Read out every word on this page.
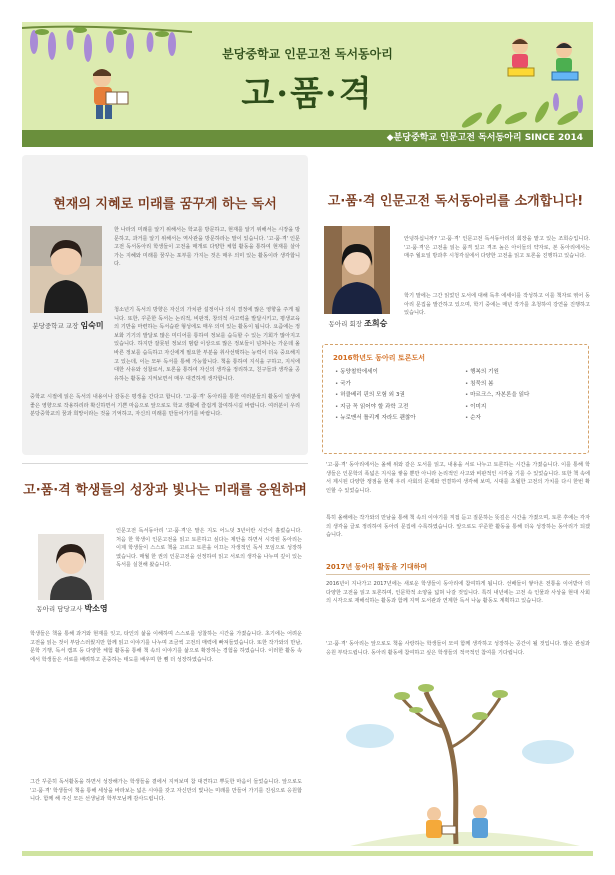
분당중학교 인문고전 독서동아리
고·품·격
◆분당중학교 인문고전 독서동아리 SINCE 2014
현재의 지혜로 미래를 꿈꾸게 하는 독서
분당중학교 교장 임숙미
한 나라의 미래를 알기 위해서는 학교를 방문하고, 현재를 알기 위해서는 시장을 방문하고, 과거를 알기 위해서는 역사관을 방문하라는 말이 있습니다. '고·품·격' 인문고전 독서동아리 학생들이 고전을 매개로 다양한 체험 활동을 통하여 현재를 살아가는 지혜와 미래를 꿈꾸는 포부를 가지는 것은 매우 의미 있는 활동이라 생각합니다.
청소년기 독서의 방향은 자신의 가치관 설정이나 의식 결정에 많은 영향을 주게 됩니다. 또한, 꾸준한 독서는 논리적, 비판적, 창의적 사고력을 발달시키고, 평생교육의 기반을 마련하는 독서습관 형성에도 매우 의미 있는 활동이 됩니다. 요즘에는 정보화 기기의 발달로 많은 미디어를 통하여 정보를 습득할 수 있는 기회가 많아지고 있습니다. 하지만 잘못된 정보의 범람 이상으로 많은 정보들이 넘쳐나는 가운데 올바른 정보를 습득하고 자신에게 필요한 부분을 취사선택하는 능력이 더욱 중요해지고 있는데, 이는 모두 독서를 통해 가능합니다. 책을 통하여 지식을 구하고, 지식에 대한 사유와 성찰로서, 토론을 통하여 자신의 생각을 정리하고, 친구들과 생각을 공유하는 활동을 지켜보면서 매우 대견하게 생각합니다.
중학교 시절에 읽은 독서의 내용이나 감동은 평생을 간다고 합니다. '고·품·격' 동아리를 통한 여러분들의 활동이 일생에 좋은 영향으로 작용하리라 확신하면서 기쁜 마음으로 앞으로도 학교 생활에 즐겁게 참여하시길 바랍니다. 여러분이 우리 분당중학교의 꿈과 희망이라는 것을 기억하고, 자신의 미래를 만들어가기를 바랍니다.
고·품·격 학생들의 성장과 빛나는 미래를 응원하며
동아리 담당교사 박소영
인문고전 독서동아리 '고·품·격'은 말은 지도 어느덧 3년이란 시간이 흘렀습니다. 처음 한 학생이 인문고전을 읽고 토론하고 싶다는 제안을 하면서 시작된 동아리는 이제 학생들이 스스로 책을 고르고 토론을 이끄는 자생적인 독서 모임으로 성장하였습니다. 매월 한 권의 인문고전을 선정하여 읽고 서로의 생각을 나누며 깊이 있는 독서를 실천해 왔습니다.
학생들은 책을 통해 과거와 현재를 잇고, 타인의 삶을 이해하며 스스로를 성찰하는 시간을 가졌습니다. 초기에는 어려운 고전을 읽는 것이 부담스러웠지만 함께 읽고 이야기를 나누며 조금씩 고전의 매력에 빠져들었습니다. 또한 작가와의 만남, 문학 기행, 독서 캠프 등 다양한 체험 활동을 통해 책 속의 이야기를 삶으로 확장하는 경험을 하였습니다. 이러한 활동 속에서 학생들은 서로를 배려하고 존중하는 태도를 배우며 한 뼘 더 성장하였습니다.
그간 꾸준히 독서활동을 하면서 성장해가는 학생들을 곁에서 지켜보며 참 대견하고 뿌듯한 마음이 들었습니다. 앞으로도 '고·품·격' 학생들이 책을 통해 세상을 바라보는 넓은 시야를 갖고 자신만의 빛나는 미래를 만들어 가기를 진심으로 응원합니다. 함께 해 주신 모든 선생님과 학부모님께 감사드립니다.
고·품·격 인문고전 독서동아리를 소개합니다!
동아리 회장 조희승
안녕하십니까? '고·품·격' 인문고전 독서동아리의 회장을 맡고 있는 조희승입니다. '고·품·격'은 고전을 읽는 품격 있고 격조 높은 아이들의 약자로, 본 동아리에서는 매주 월요일 방과후 시청각실에서 다양한 고전을 읽고 토론을 진행하고 있습니다.
학기 말에는 그간 읽었던 도서에 대해 독후 에세이를 작성하고 이를 책자로 엮어 동아리 문집을 발간하고 있으며, 학기 중에는 매년 작가를 초청하여 강연을 진행하고 있습니다.
2016학년도 동아리 토론도서
• 동양철학에세이
• 국가
• 허클베리 핀의 모험 외 3권
• 지금 꼭 읽어야 할 과학 고전
• 뉴로맨서 틀리게 자라도 괜찮아
• 행복의 기원
• 침묵의 봄
• 마르크스, 자본론을 읽다
• 이미지
• 순자
'고·품·격' 동아리에서는 올해 위와 같은 도서를 읽고, 내용을 서로 나누고 토론하는 시간을 가졌습니다. 이를 통해 학생들은 인문학의 폭넓은 지식을 쌓을 뿐만 아니라 논리적인 사고와 비판적인 시각을 기를 수 있었습니다. 또한 책 속에서 제시된 다양한 쟁점을 현재 우리 사회의 문제와 연결하여 생각해 보며, 시대를 초월한 고전의 가치를 다시 한번 확인할 수 있었습니다.
특히 올해에는 작가와의 만남을 통해 책 속의 이야기를 직접 듣고 질문하는 뜻깊은 시간을 가졌으며, 토론 후에는 각자의 생각을 글로 정리하여 동아리 문집에 수록하였습니다. 앞으로도 꾸준한 활동을 통해 더욱 성장하는 동아리가 되겠습니다.
2017년 동아리 활동을 기대하며
2016년이 지나가고 2017년에는 새로운 학생들이 동아리에 참여하게 됩니다. 선배들이 쌓아온 전통을 이어받아 더 다양한 고전을 읽고 토론하며, 인문학적 소양을 넓혀 나갈 것입니다. 특히 내년에는 고전 속 인물과 사상을 현대 사회의 시각으로 재해석하는 활동과 함께 지역 도서관과 연계한 독서 나눔 활동도 계획하고 있습니다.
'고·품·격' 동아리는 앞으로도 책을 사랑하는 학생들이 모여 함께 생각하고 성장하는 공간이 될 것입니다. 많은 관심과 응원 부탁드립니다. 동아리 활동에 참여하고 싶은 학생들의 적극적인 참여를 기다립니다.
